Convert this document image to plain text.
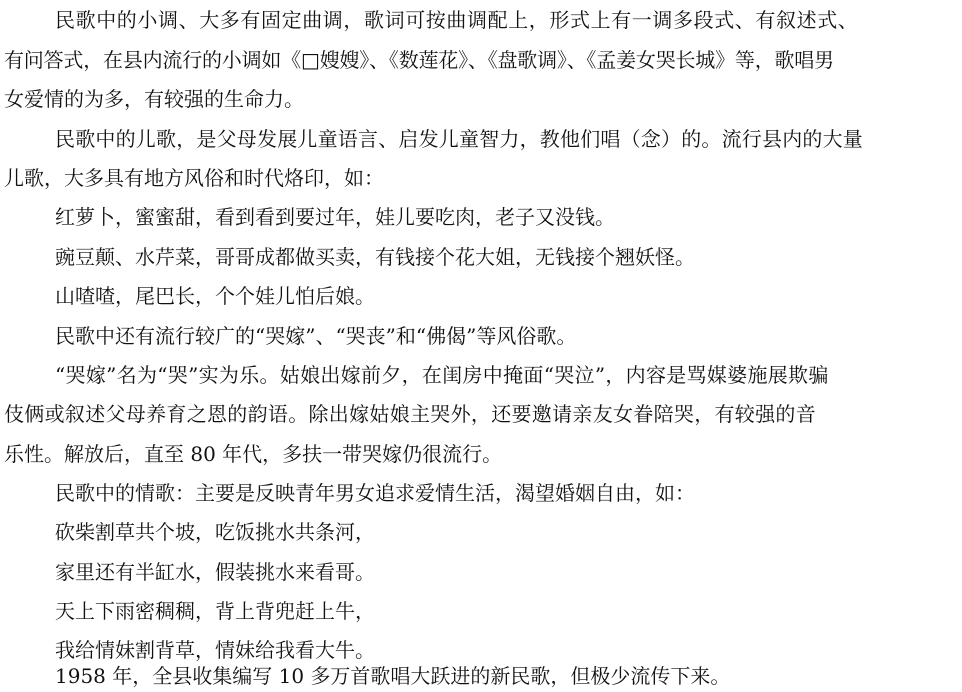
民歌中的小调、大多有固定曲调，歌词可按曲调配上，形式上有一调多段式、有叙述式、
有问答式，在县内流行的小调如《□嫂嫂》、《数莲花》、《盘歌调》、《孟姜女哭长城》等，歌唱男
女爱情的为多，有较强的生命力。
民歌中的儿歌，是父母发展儿童语言、启发儿童智力，教他们唱（念）的。流行县内的大量
儿歌，大多具有地方风俗和时代烙印，如：
红萝卜，蜜蜜甜，看到看到要过年，娃儿要吃肉，老子又没钱。
豌豆颠、水芹菜，哥哥成都做买卖，有钱接个花大姐，无钱接个翘妖怪。
山喳喳，尾巴长，个个娃儿怕后娘。
民歌中还有流行较广的“哭嫁”、“哭丧”和“佛偈”等风俗歌。
“哭嫁”名为“哭”实为乐。姑娘出嫁前夕，在闺房中掩面“哭泣”，内容是骂媒婆施展欺骗
伎俩或叙述父母养育之恩的韵语。除出嫁姑娘主哭外，还要邀请亲友女眷陪哭，有较强的音
乐性。解放后，直至 80 年代，多扶一带哭嫁仍很流行。
民歌中的情歌：主要是反映青年男女追求爱情生活，渴望婚姻自由，如：
砍柴割草共个坡，吃饭挑水共条河，
家里还有半缸水，假装挑水来看哥。
天上下雨密稠稠，背上背兜赶上牛，
我给情妹割背草，情妹给我看大牛。
1958 年，全县收集编写 10 多万首歌唱大跃进的新民歌，但极少流传下来。
